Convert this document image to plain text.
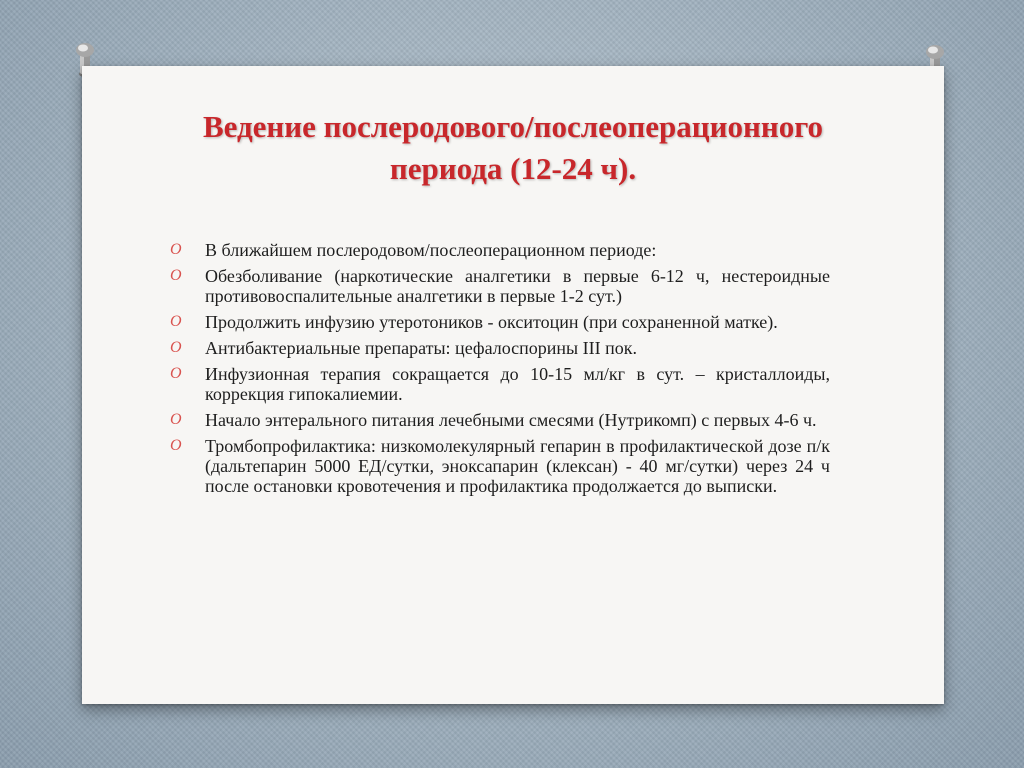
Ведение послеродового/послеоперационного
периода (12-24 ч).
O В ближайшем послеродовом/послеоперационном периоде:
O Обезболивание (наркотические аналгетики в первые 6-12 ч, нестероидные противовоспалительные аналгетики в первые 1-2 сут.)
O Продолжить инфузию утеротоников - окситоцин (при сохраненной матке).
O Антибактериальные препараты: цефалоспорины III пок.
O Инфузионная терапия сокращается до 10-15 мл/кг в сут. – кристаллоиды, коррекция гипокалиемии.
O Начало энтерального питания лечебными смесями (Нутрикомп) с первых 4-6 ч.
O Тромбопрофилактика: низкомолекулярный гепарин в профилактической дозе п/к (дальтепарин 5000 ЕД/сутки, эноксапарин (клексан) - 40 мг/сутки) через 24 ч после остановки кровотечения и профилактика продолжается до выписки.
